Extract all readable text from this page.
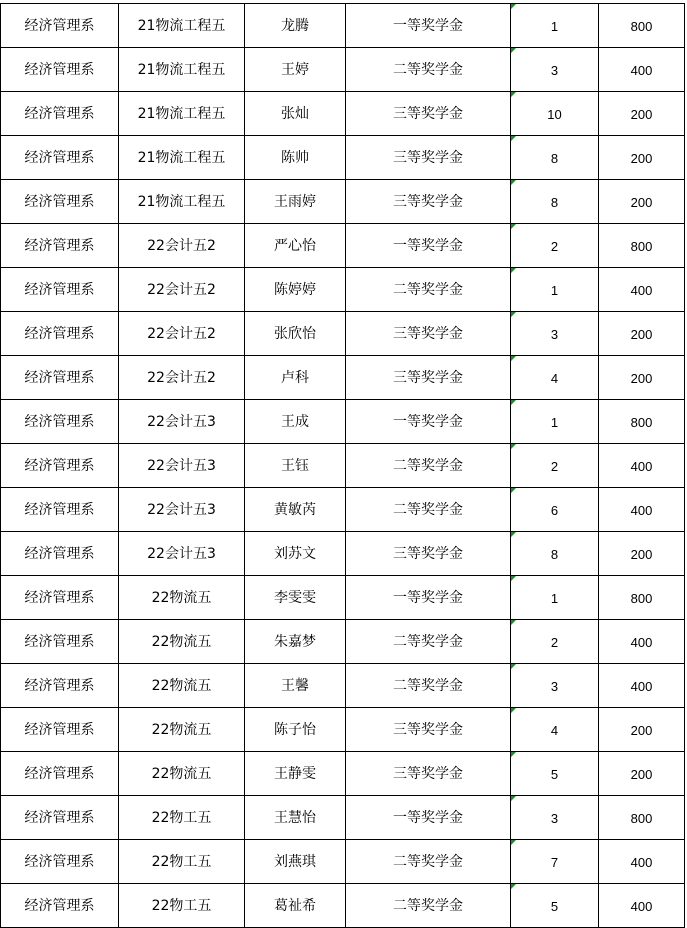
经济管理系	21物流工程五	龙腾	一等奖学金	1	800
经济管理系	21物流工程五	王婷	二等奖学金	3	400
经济管理系	21物流工程五	张灿	三等奖学金	10	200
经济管理系	21物流工程五	陈帅	三等奖学金	8	200
经济管理系	21物流工程五	王雨婷	三等奖学金	8	200
经济管理系	22会计五2	严心怡	一等奖学金	2	800
经济管理系	22会计五2	陈婷婷	二等奖学金	1	400
经济管理系	22会计五2	张欣怡	三等奖学金	3	200
经济管理系	22会计五2	卢科	三等奖学金	4	200
经济管理系	22会计五3	王成	一等奖学金	1	800
经济管理系	22会计五3	王钰	二等奖学金	2	400
经济管理系	22会计五3	黄敏芮	二等奖学金	6	400
经济管理系	22会计五3	刘苏文	三等奖学金	8	200
经济管理系	22物流五	李雯雯	一等奖学金	1	800
经济管理系	22物流五	朱嘉梦	二等奖学金	2	400
经济管理系	22物流五	王馨	二等奖学金	3	400
经济管理系	22物流五	陈子怡	三等奖学金	4	200
经济管理系	22物流五	王静雯	三等奖学金	5	200
经济管理系	22物工五	王慧怡	一等奖学金	3	800
经济管理系	22物工五	刘燕琪	二等奖学金	7	400
经济管理系	22物工五	葛祉希	二等奖学金	5	400
